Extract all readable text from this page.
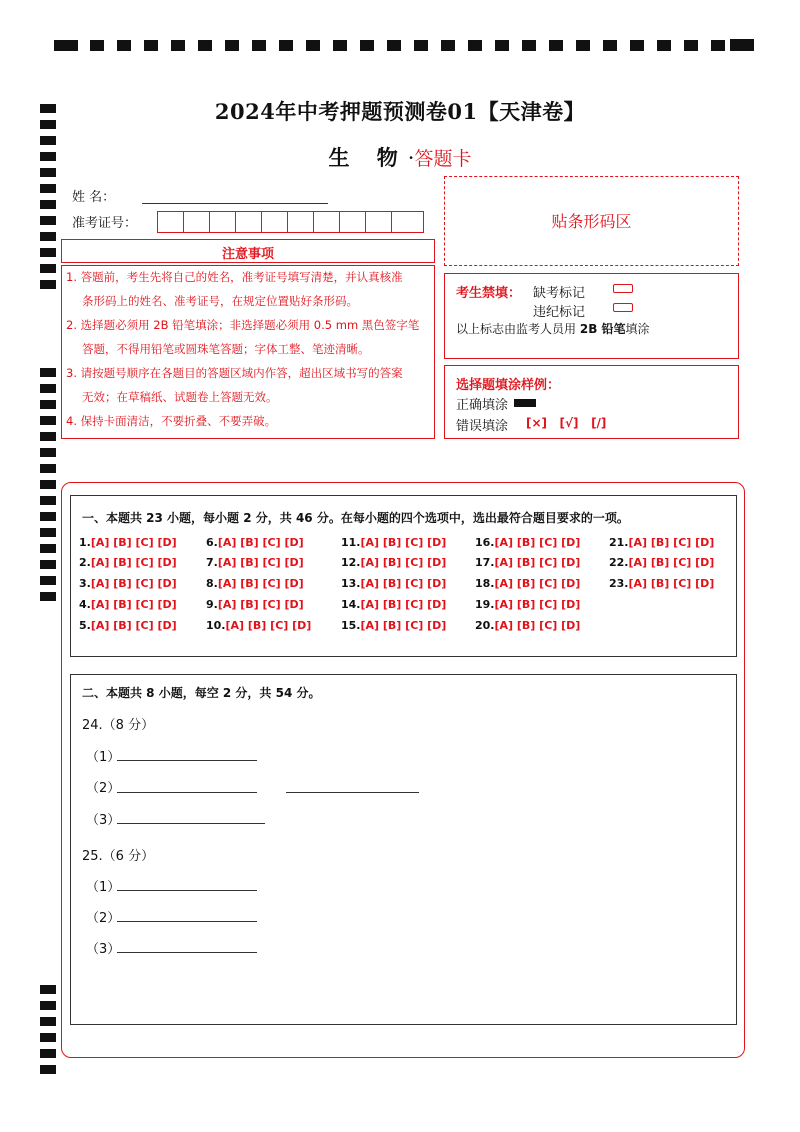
2024年中考押题预测卷01【天津卷】
生 物·答题卡
姓 名：
准考证号：	贴条形码区
注意事项
1. 答题前，考生先将自己的姓名，准考证号填写清楚，并认真核准
条形码上的姓名、准考证号，在规定位置贴好条形码。
2. 选择题必须用 2B 铅笔填涂；非选择题必须用 0.5 mm 黑色签字笔
答题，不得用铅笔或圆珠笔答题；字体工整、笔迹清晰。
3. 请按题号顺序在各题目的答题区域内作答，超出区域书写的答案
无效；在草稿纸、试题卷上答题无效。
4. 保持卡面清洁，不要折叠、不要弄破。
考生禁填： 缺考标记
违纪标记
以上标志由监考人员用 2B 铅笔填涂
选择题填涂样例：
正确填涂
错误填涂 [×]   [√]   [/]
一、本题共 23 小题，每小题 2 分，共 46 分。在每小题的四个选项中，选出最符合题目要求的一项。
1.[A] [B] [C] [D]
2.[A] [B] [C] [D]
3.[A] [B] [C] [D]
4.[A] [B] [C] [D]
5.[A] [B] [C] [D]
6.[A] [B] [C] [D]
7.[A] [B] [C] [D]
8.[A] [B] [C] [D]
9.[A] [B] [C] [D]
10.[A] [B] [C] [D]
11.[A] [B] [C] [D]
12.[A] [B] [C] [D]
13.[A] [B] [C] [D]
14.[A] [B] [C] [D]
15.[A] [B] [C] [D]
16.[A] [B] [C] [D]
17.[A] [B] [C] [D]
18.[A] [B] [C] [D]
19.[A] [B] [C] [D]
20.[A] [B] [C] [D]
21.[A] [B] [C] [D]
22.[A] [B] [C] [D]
23.[A] [B] [C] [D]
二、本题共 8 小题，每空 2 分，共 54 分。
24.（8 分）
（1）
（2）
（3）
25.（6 分）
（1）
（2）
（3）
